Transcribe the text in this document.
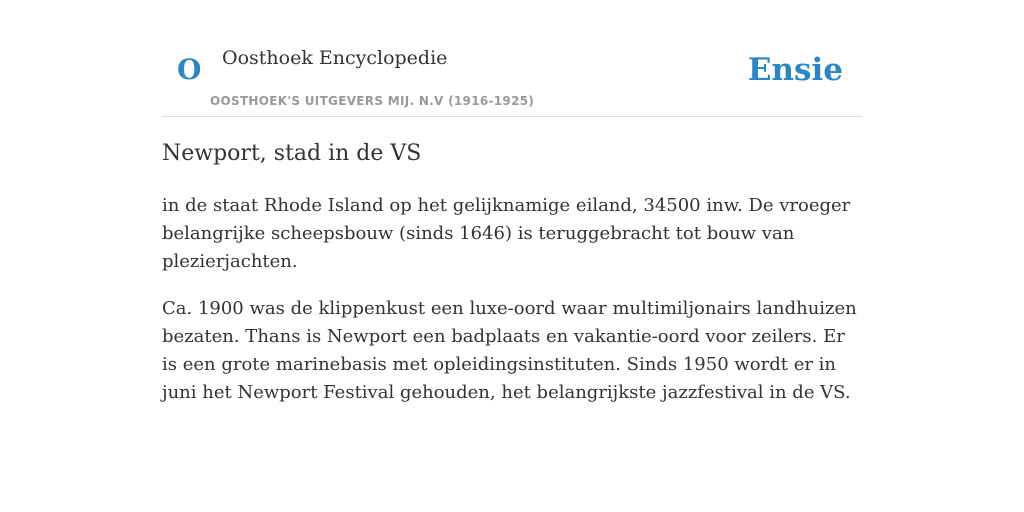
O Oosthoek Encyclopedie
OOSTHOEK'S UITGEVERS MIJ. N.V (1916-1925)
Ensie
Newport, stad in de VS

in de staat Rhode Island op het gelijknamige eiland, 34500 inw. De vroeger belangrijke scheepsbouw (sinds 1646) is teruggebracht tot bouw van plezierjachten.

Ca. 1900 was de klippenkust een luxe-oord waar multimiljonairs landhuizen bezaten. Thans is Newport een badplaats en vakantie-oord voor zeilers. Er is een grote marinebasis met opleidingsinstituten. Sinds 1950 wordt er in juni het Newport Festival gehouden, het belangrijkste jazzfestival in de VS.
